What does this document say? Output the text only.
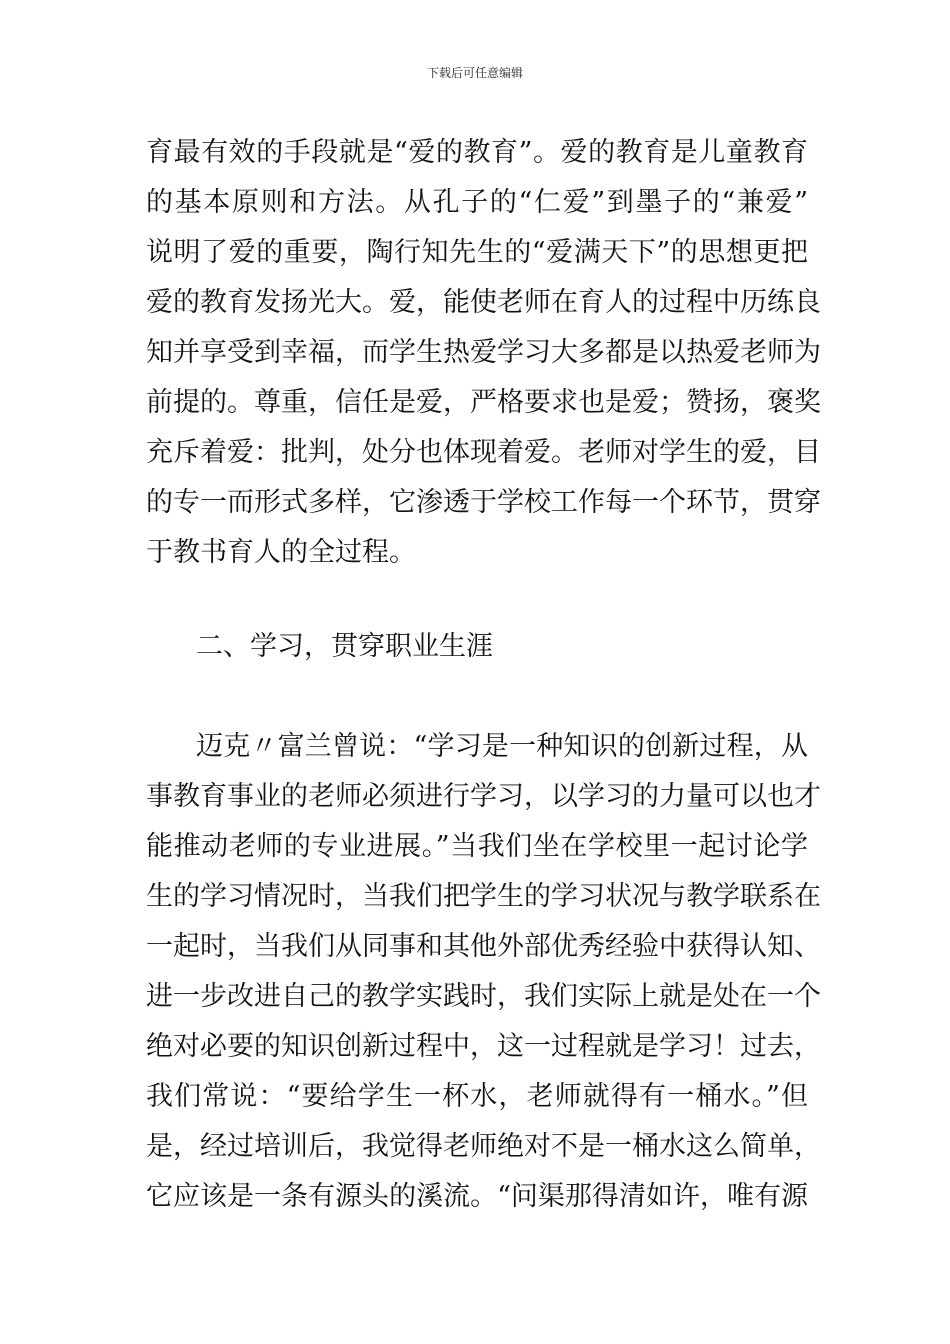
下载后可任意编辑
育最有效的手段就是“爱的教育”。爱的教育是儿童教育
的基本原则和方法。从孔子的“仁爱”到墨子的“兼爱”
说明了爱的重要，陶行知先生的“爱满天下”的思想更把
爱的教育发扬光大。爱，能使老师在育人的过程中历练良
知并享受到幸福，而学生热爱学习大多都是以热爱老师为
前提的。尊重，信任是爱，严格要求也是爱；赞扬，褒奖
充斥着爱：批判，处分也体现着爱。老师对学生的爱，目
的专一而形式多样，它渗透于学校工作每一个环节，贯穿
于教书育人的全过程。
二、学习，贯穿职业生涯
迈克〃富兰曾说：“学习是一种知识的创新过程，从
事教育事业的老师必须进行学习，以学习的力量可以也才
能推动老师的专业进展。”当我们坐在学校里一起讨论学
生的学习情况时，当我们把学生的学习状况与教学联系在
一起时，当我们从同事和其他外部优秀经验中获得认知、
进一步改进自己的教学实践时，我们实际上就是处在一个
绝对必要的知识创新过程中，这一过程就是学习！过去，
我们常说：“要给学生一杯水，老师就得有一桶水。”但
是，经过培训后，我觉得老师绝对不是一桶水这么简单，
它应该是一条有源头的溪流。“问渠那得清如许，唯有源
